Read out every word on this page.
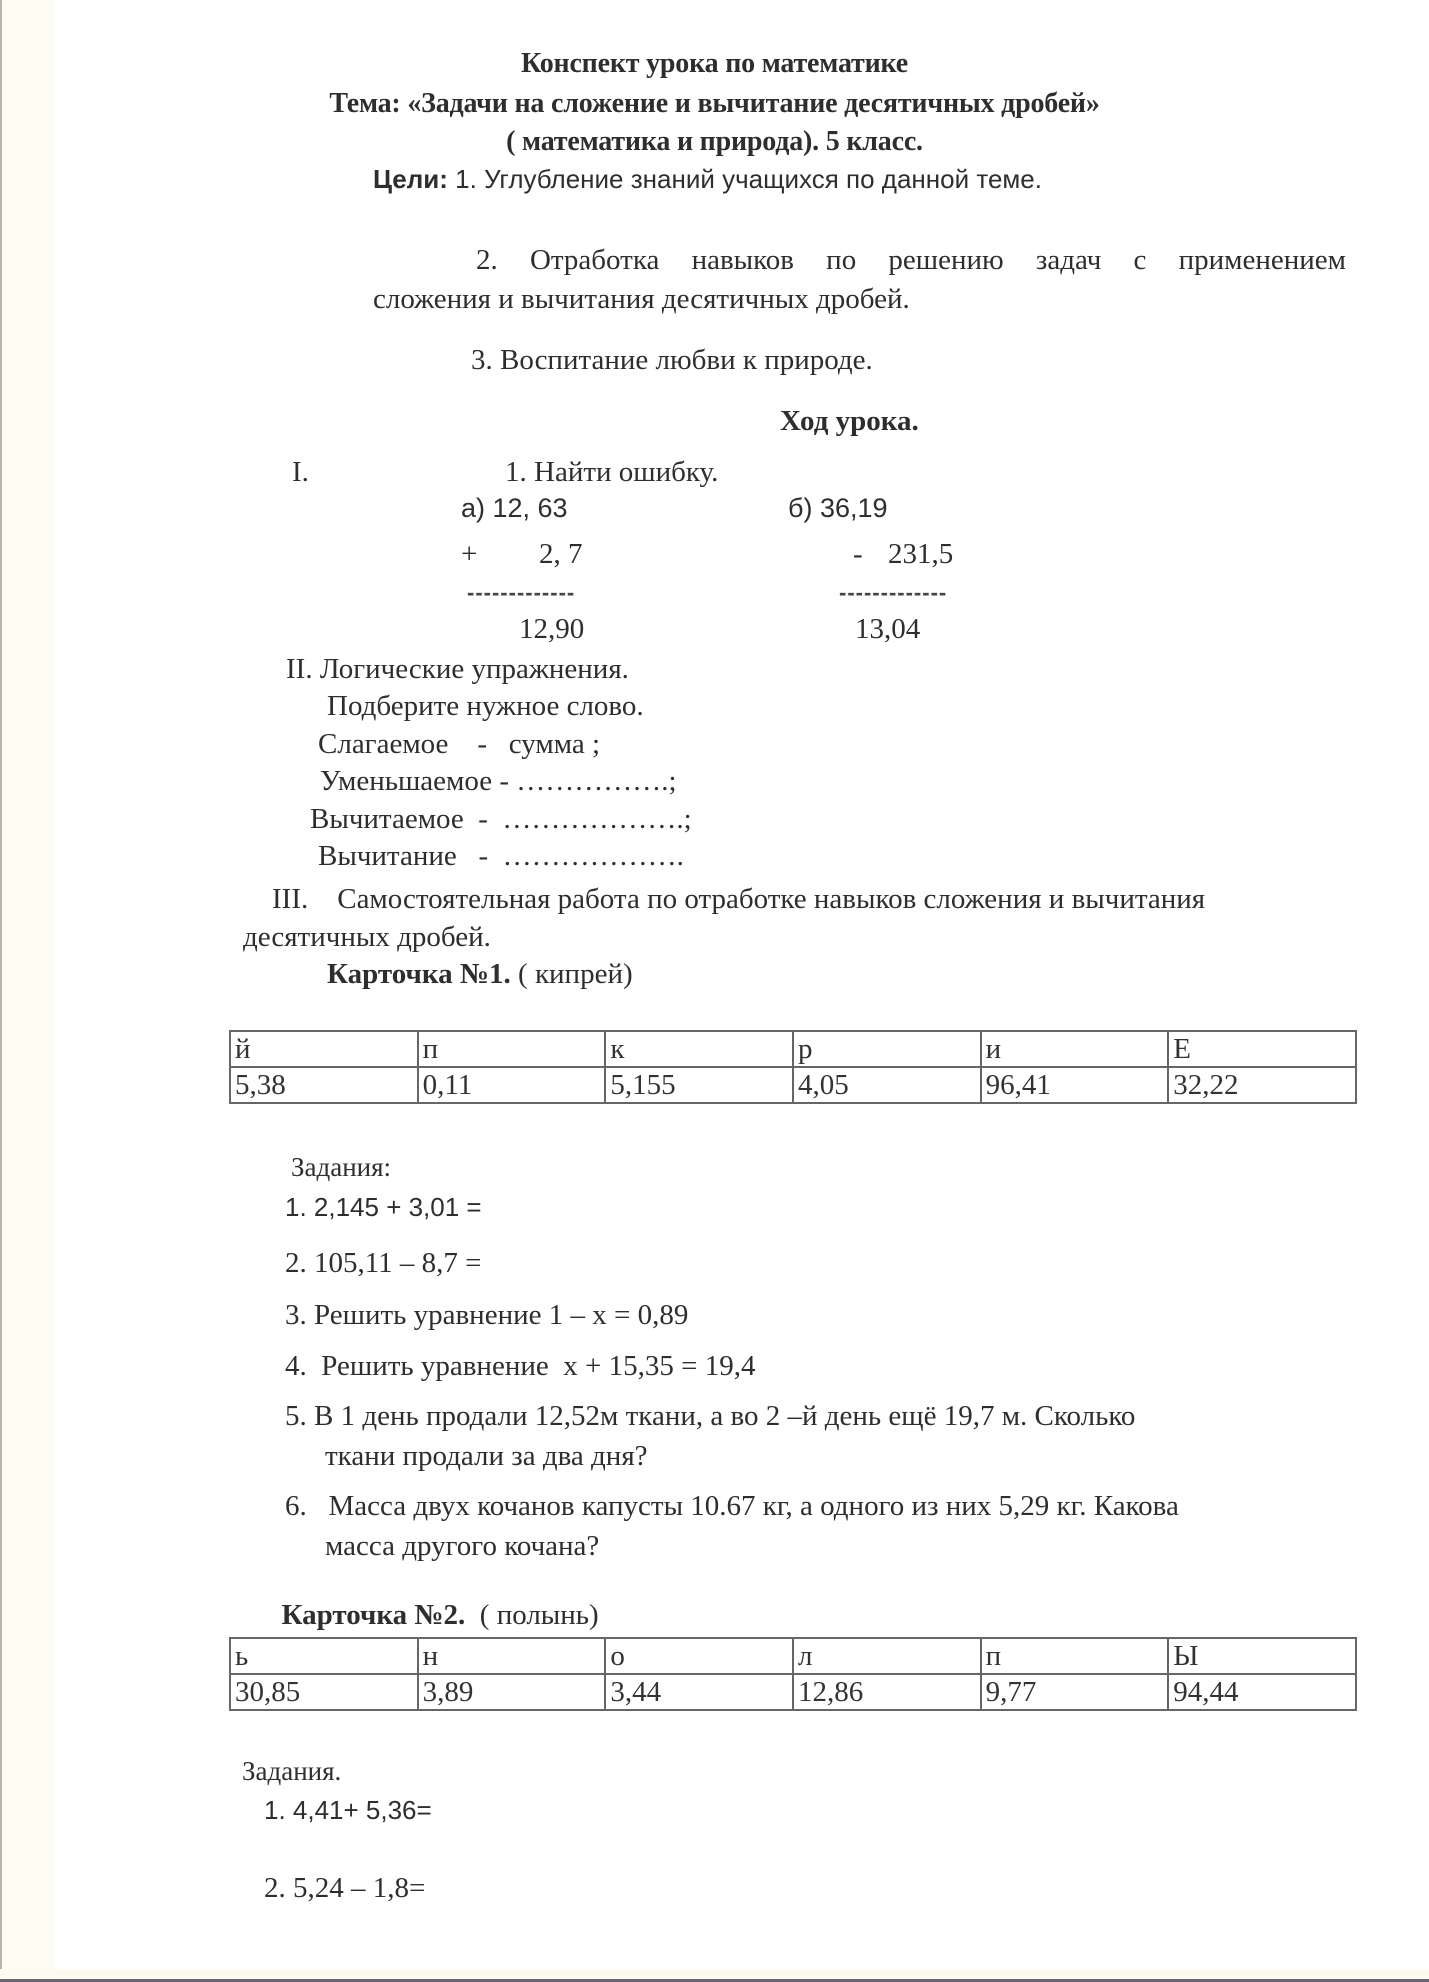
Конспект урока по математике
Тема: «Задачи на сложение и вычитание десятичных дробей»
( математика и природа). 5 класс.
Цели: 1. Углубление знаний учащихся по данной теме.
2. Отработка навыков по решению задач с применением
сложения и вычитания десятичных дробей.
3. Воспитание любви к природе.
Ход урока.
I.	1. Найти ошибку.
а) 12, 63
+ 2, 7
-------------
12,90
б) 36,19
- 231,5
-------------
13,04
II. Логические упражнения.
Подберите нужное слово.
Слагаемое    -   сумма ;
Уменьшаемое - …………….;
Вычитаемое  -  ……………….;
Вычитание   -  ……………….
III.    Самостоятельная работа по отработке навыков сложения и вычитания
десятичных дробей.
Карточка №1. ( кипрей)
й	п	к	р	и	Е
5,38	0,11	5,155	4,05	96,41	32,22
Задания:
1. 2,145 + 3,01 =
2. 105,11 – 8,7 =
3. Решить уравнение 1 – х = 0,89
4.  Решить уравнение  х + 15,35 = 19,4
5. В 1 день продали 12,52м ткани, а во 2 –й день ещё 19,7 м. Сколько
ткани продали за два дня?
6.   Масса двух кочанов капусты 10.67 кг, а одного из них 5,29 кг. Какова
масса другого кочана?

Карточка №2.  ( полынь)

ь	н	о	л	п	Ы
30,85	3,89	3,44	12,86	9,77	94,44
Задания.
1. 4,41+ 5,36=
2. 5,24 – 1,8=
